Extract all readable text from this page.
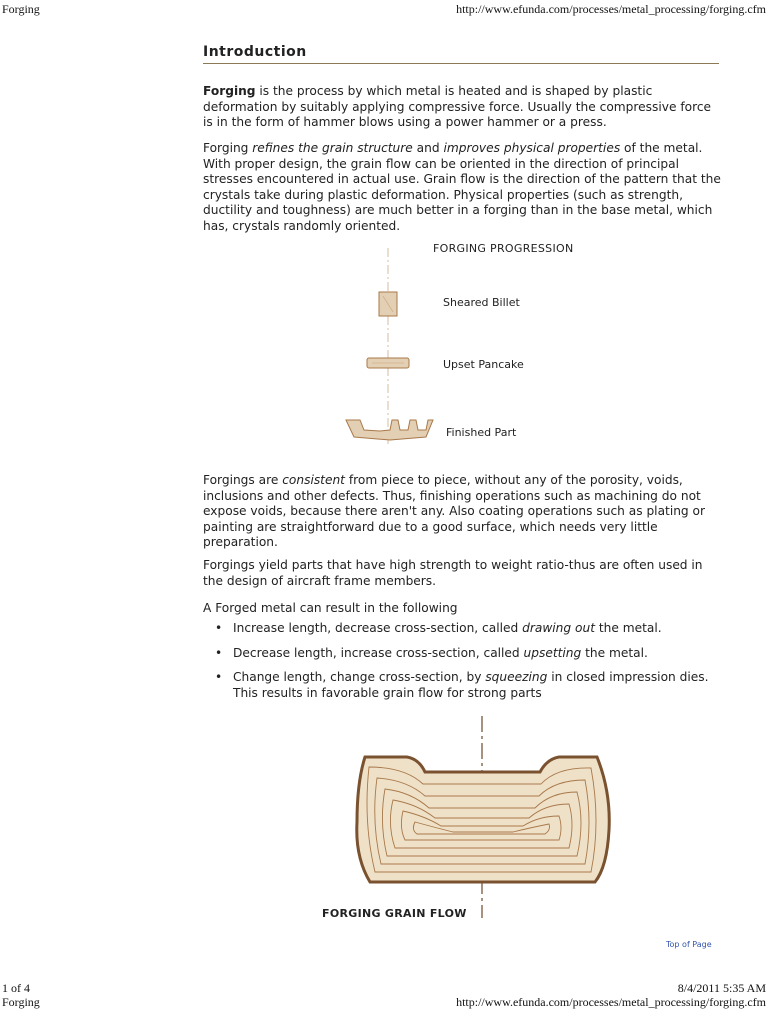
Forging	http://www.efunda.com/processes/metal_processing/forging.cfm
Introduction

Forging is the process by which metal is heated and is shaped by plastic deformation by suitably applying compressive force. Usually the compressive force is in the form of hammer blows using a power hammer or a press.

Forging refines the grain structure and improves physical properties of the metal. With proper design, the grain flow can be oriented in the direction of principal stresses encountered in actual use. Grain flow is the direction of the pattern that the crystals take during plastic deformation. Physical properties (such as strength, ductility and toughness) are much better in a forging than in the base metal, which has, crystals randomly oriented.

FORGING PROGRESSION
Sheared Billet
Upset Pancake
Finished Part

Forgings are consistent from piece to piece, without any of the porosity, voids, inclusions and other defects. Thus, finishing operations such as machining do not expose voids, because there aren't any. Also coating operations such as plating or painting are straightforward due to a good surface, which needs very little preparation.

Forgings yield parts that have high strength to weight ratio-thus are often used in the design of aircraft frame members.

A Forged metal can result in the following

• Increase length, decrease cross-section, called drawing out the metal.
• Decrease length, increase cross-section, called upsetting the metal.
• Change length, change cross-section, by squeezing in closed impression dies. This results in favorable grain flow for strong parts
FORGING GRAIN FLOW
Top of Page
1 of 4
Forging
8/4/2011 5:35 AM
http://www.efunda.com/processes/metal_processing/forging.cfm
